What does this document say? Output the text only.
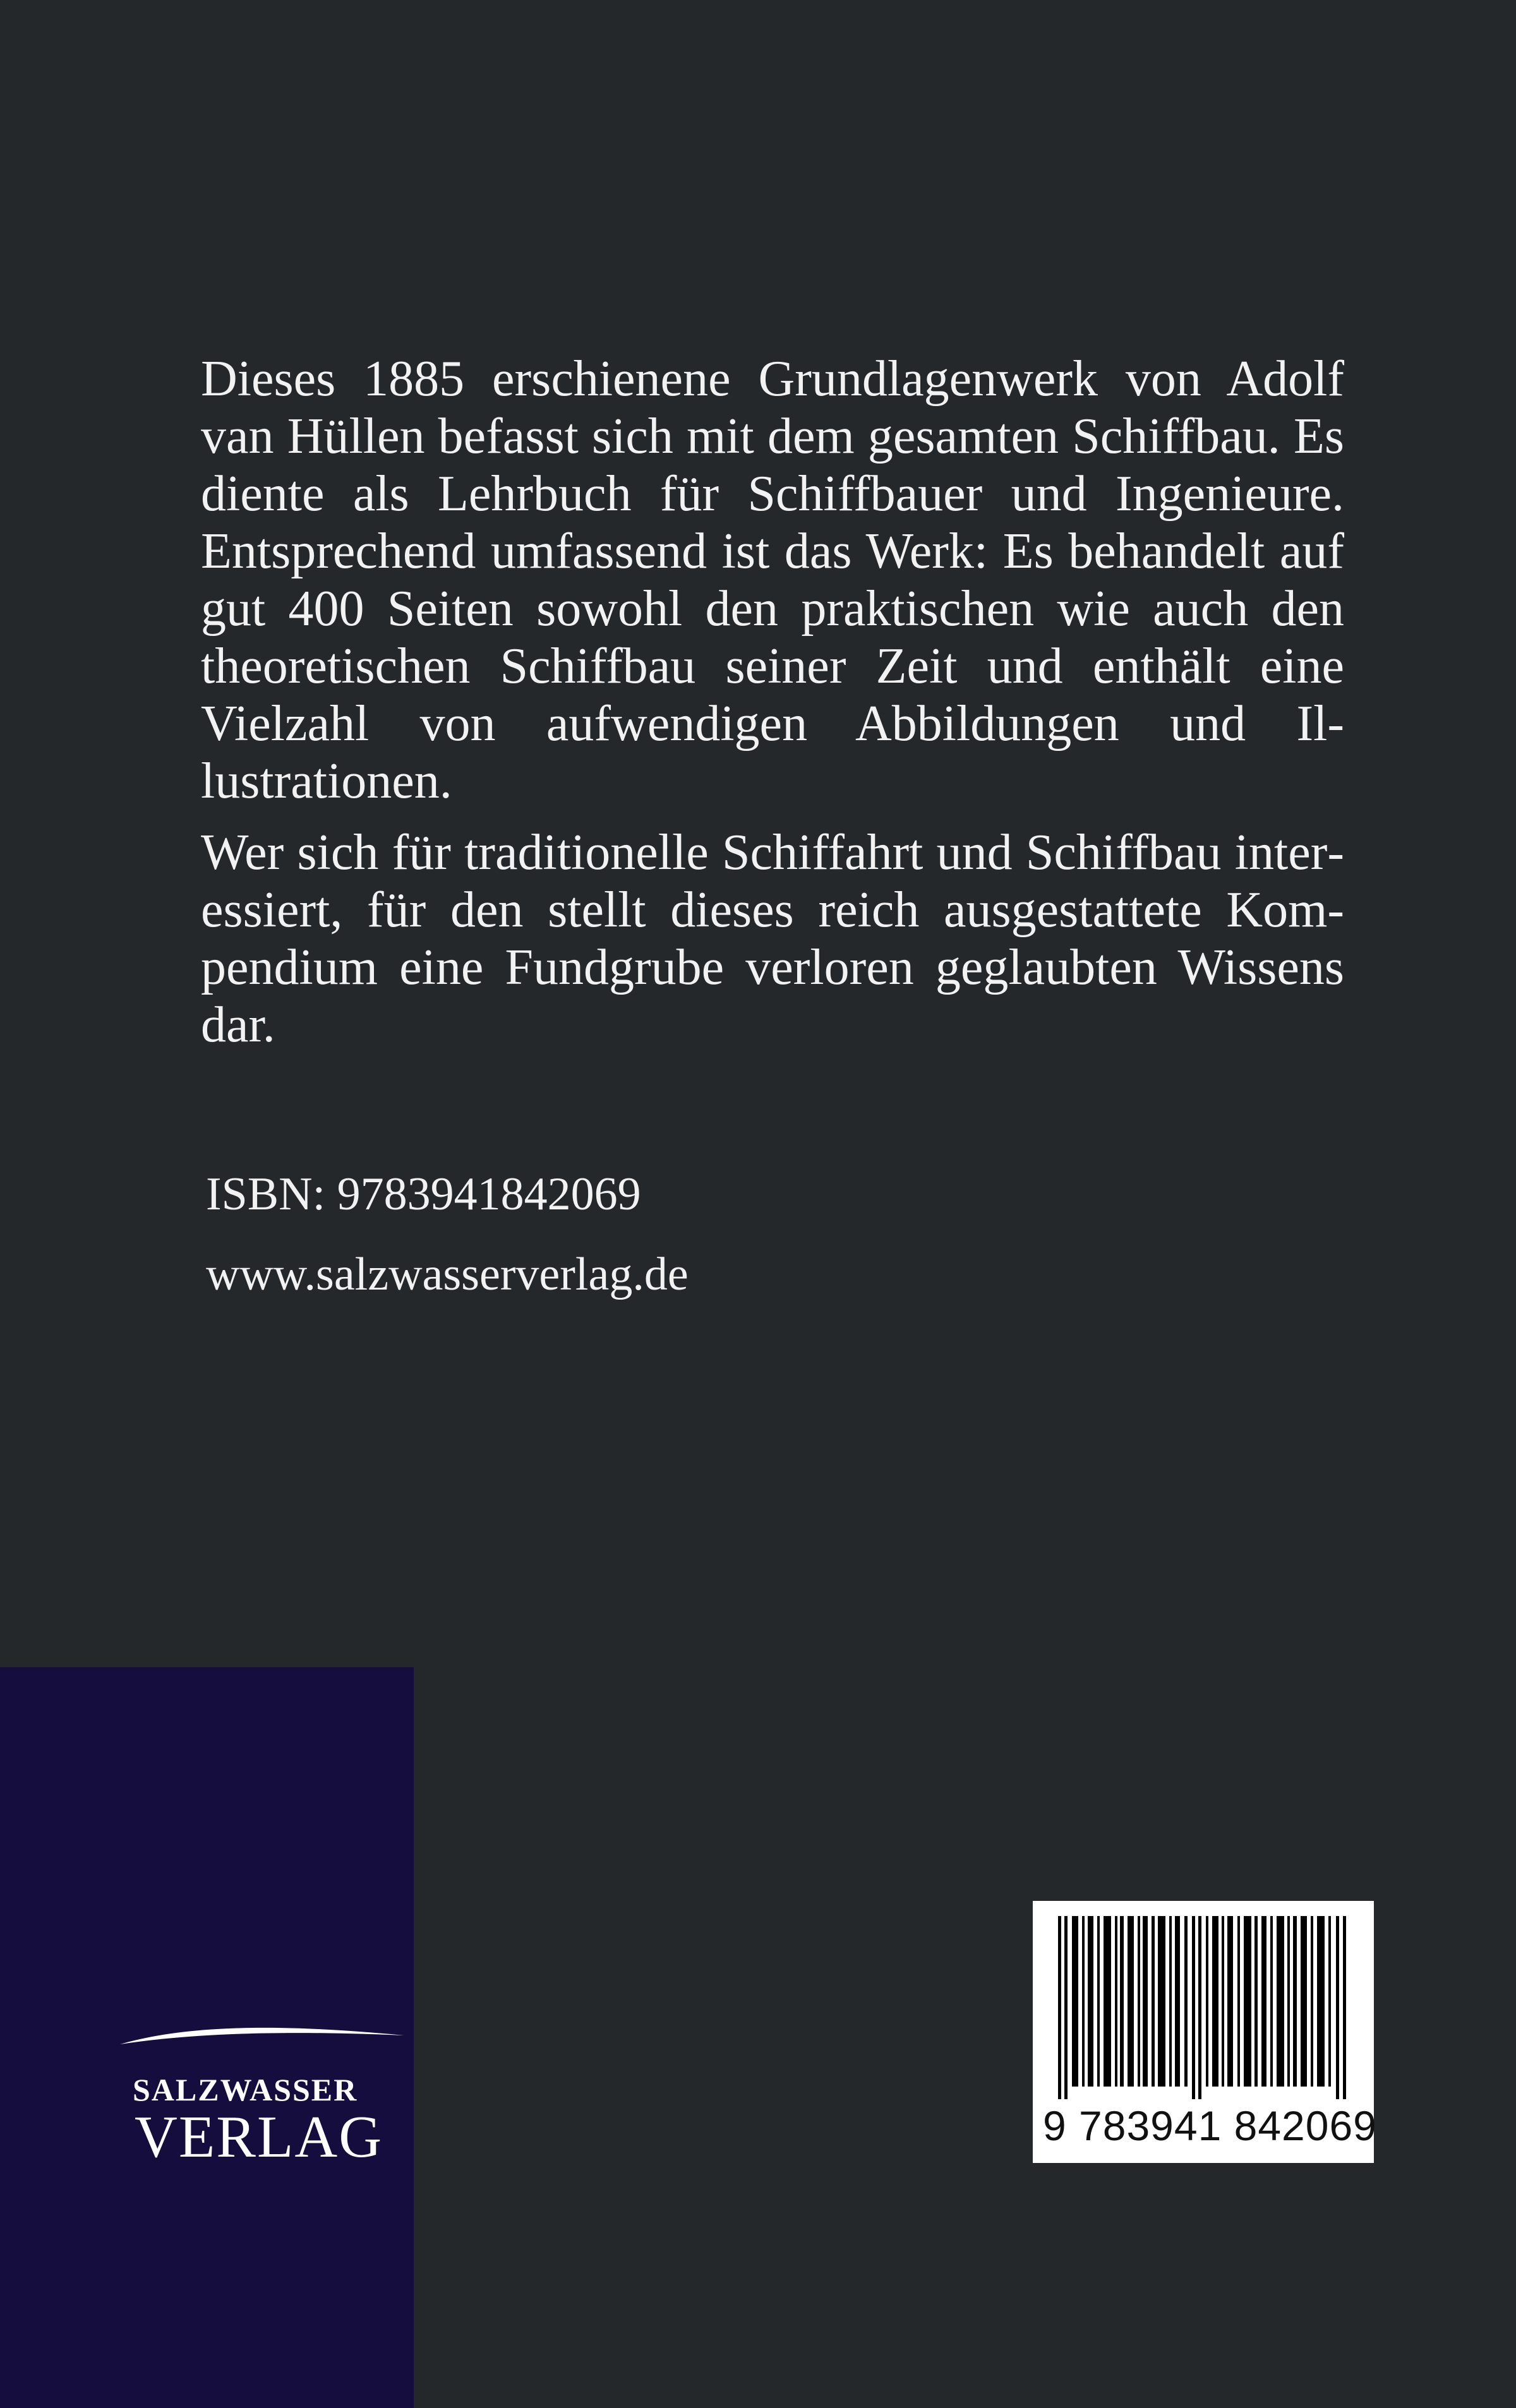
Dieses 1885 erschienene Grundlagenwerk von Adolf van Hüllen befasst sich mit dem gesamten Schiffbau. Es diente als Lehrbuch für Schiffbauer und Ingenieure. Entsprechend umfassend ist das Werk: Es behandelt auf gut 400 Seiten sowohl den praktischen wie auch den theoretischen Schiffbau seiner Zeit und enthält eine Vielzahl von aufwendigen Abbildungen und Illustrationen.

Wer sich für traditionelle Schiffahrt und Schiffbau interessiert, für den stellt dieses reich ausgestattete Kompendium eine Fundgrube verloren geglaubten Wissens dar.

ISBN: 9783941842069
www.salzwasserverlag.de
SALZWASSER
VERLAG	9 783941 842069
